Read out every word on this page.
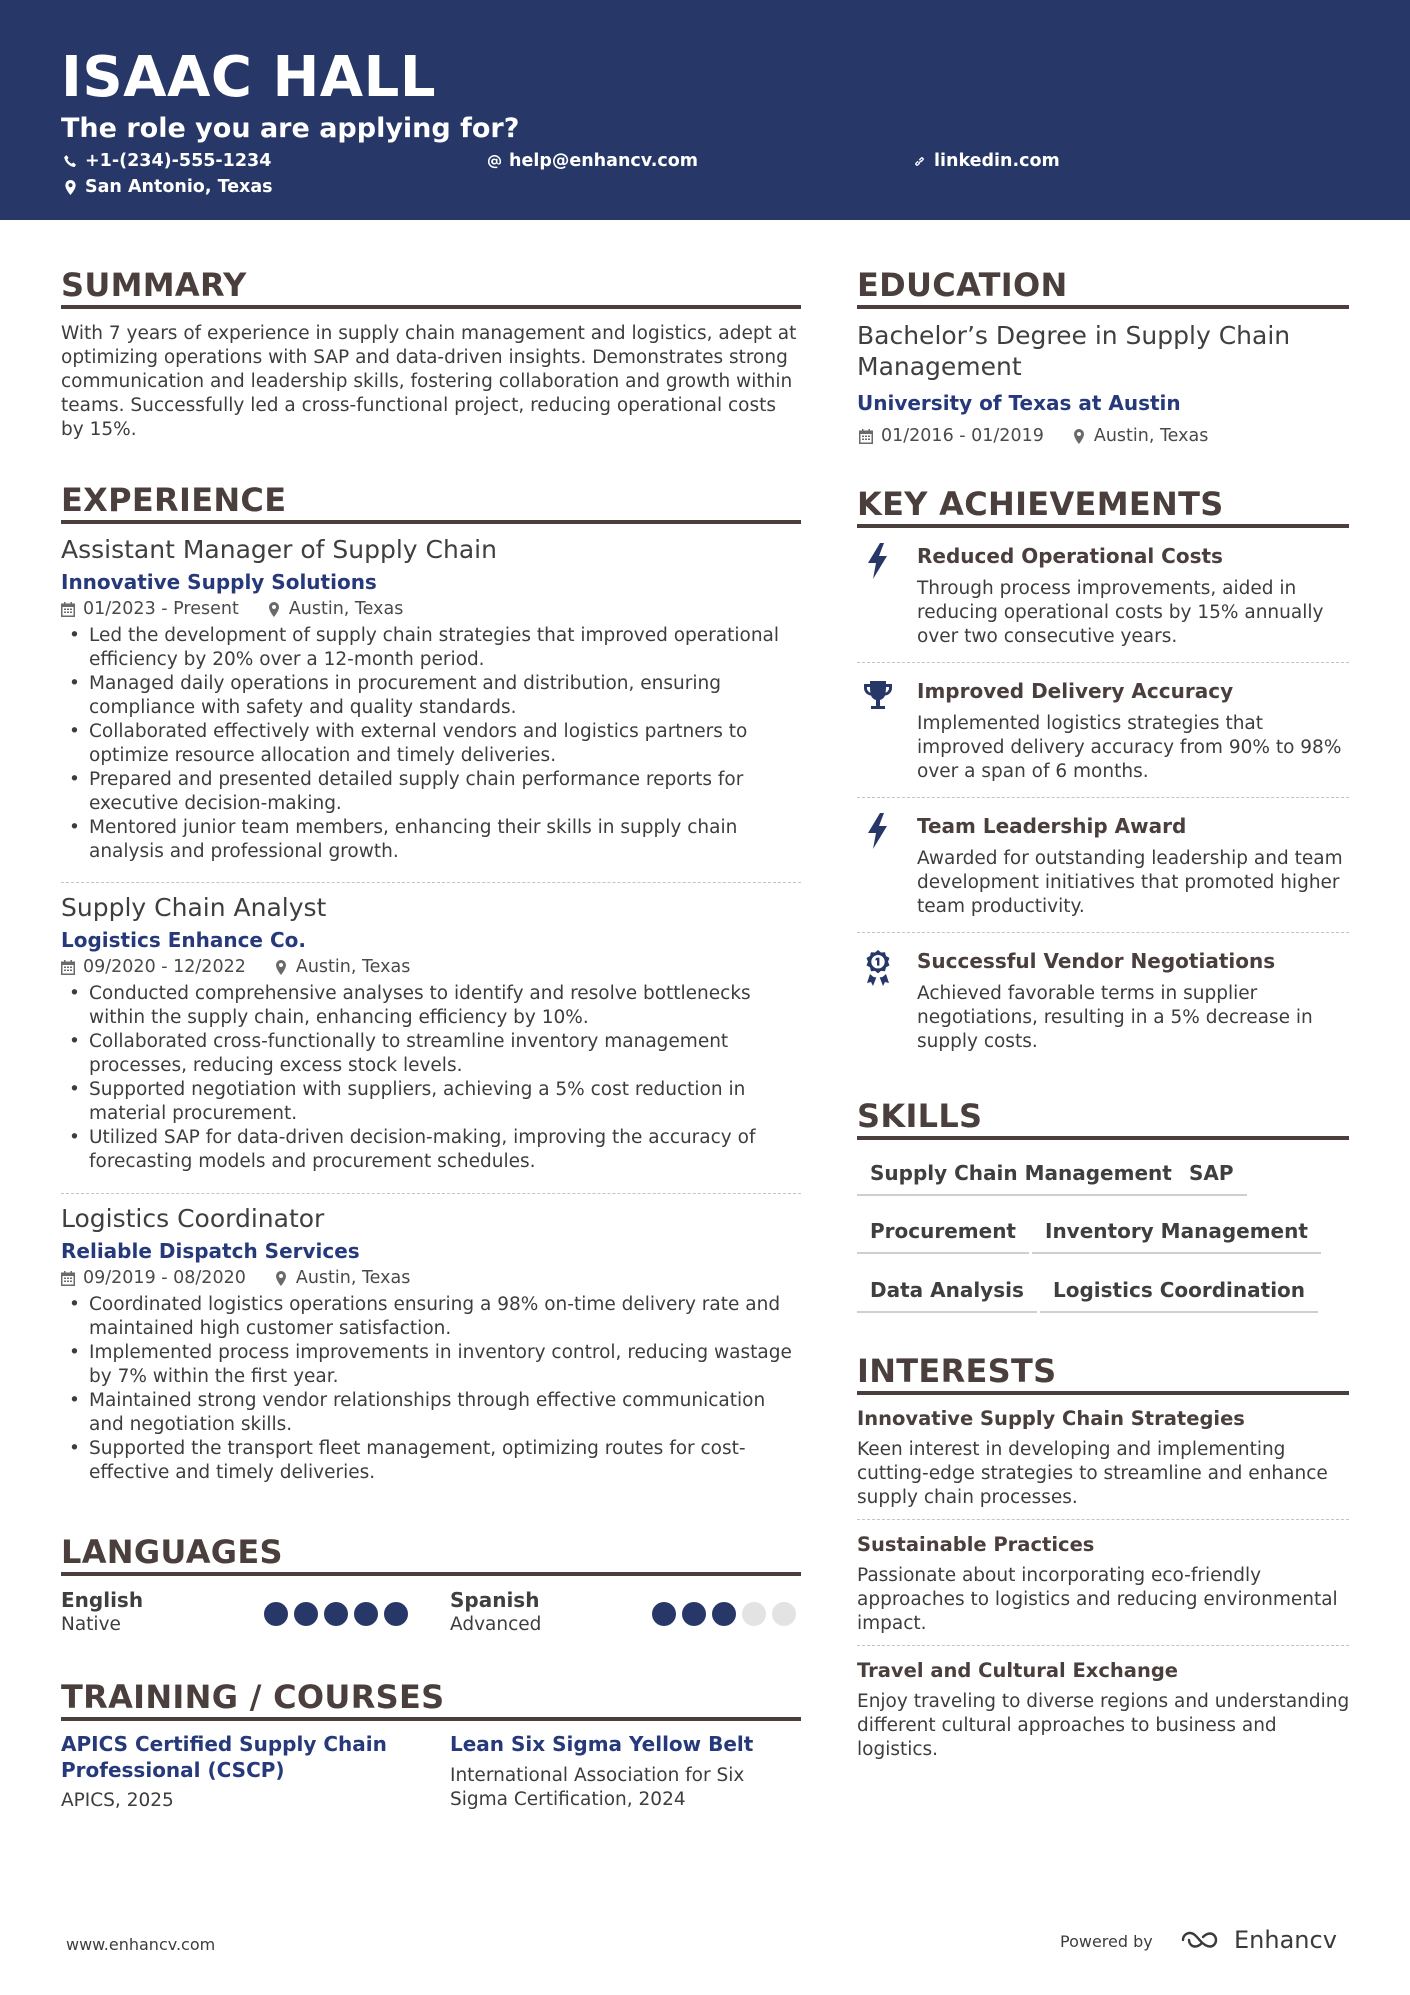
ISAAC HALL
The role you are applying for?
+1-(234)-555-1234	help@enhancv.com	linkedin.com
San Antonio, Texas
SUMMARY
With 7 years of experience in supply chain management and logistics, adept at optimizing operations with SAP and data-driven insights. Demonstrates strong communication and leadership skills, fostering collaboration and growth within teams. Successfully led a cross-functional project, reducing operational costs by 15%.
EXPERIENCE
Assistant Manager of Supply Chain
Innovative Supply Solutions
01/2023 - Present	Austin, Texas
• Led the development of supply chain strategies that improved operational efficiency by 20% over a 12-month period.
• Managed daily operations in procurement and distribution, ensuring compliance with safety and quality standards.
• Collaborated effectively with external vendors and logistics partners to optimize resource allocation and timely deliveries.
• Prepared and presented detailed supply chain performance reports for executive decision-making.
• Mentored junior team members, enhancing their skills in supply chain analysis and professional growth.
Supply Chain Analyst
Logistics Enhance Co.
09/2020 - 12/2022	Austin, Texas
• Conducted comprehensive analyses to identify and resolve bottlenecks within the supply chain, enhancing efficiency by 10%.
• Collaborated cross-functionally to streamline inventory management processes, reducing excess stock levels.
• Supported negotiation with suppliers, achieving a 5% cost reduction in material procurement.
• Utilized SAP for data-driven decision-making, improving the accuracy of forecasting models and procurement schedules.
Logistics Coordinator
Reliable Dispatch Services
09/2019 - 08/2020	Austin, Texas
• Coordinated logistics operations ensuring a 98% on-time delivery rate and maintained high customer satisfaction.
• Implemented process improvements in inventory control, reducing wastage by 7% within the first year.
• Maintained strong vendor relationships through effective communication and negotiation skills.
• Supported the transport fleet management, optimizing routes for cost-effective and timely deliveries.
LANGUAGES
English
Native
Spanish
Advanced
TRAINING / COURSES
APICS Certified Supply Chain Professional (CSCP)
APICS, 2025
Lean Six Sigma Yellow Belt
International Association for Six Sigma Certification, 2024
EDUCATION
Bachelor’s Degree in Supply Chain Management
University of Texas at Austin
01/2016 - 01/2019	Austin, Texas
KEY ACHIEVEMENTS
Reduced Operational Costs
Through process improvements, aided in reducing operational costs by 15% annually over two consecutive years.
Improved Delivery Accuracy
Implemented logistics strategies that improved delivery accuracy from 90% to 98% over a span of 6 months.
Team Leadership Award
Awarded for outstanding leadership and team development initiatives that promoted higher team productivity.
Successful Vendor Negotiations
Achieved favorable terms in supplier negotiations, resulting in a 5% decrease in supply costs.
SKILLS
Supply Chain Management SAP
Procurement	Inventory Management
Data Analysis	Logistics Coordination
INTERESTS
Innovative Supply Chain Strategies
Keen interest in developing and implementing cutting-edge strategies to streamline and enhance supply chain processes.
Sustainable Practices
Passionate about incorporating eco-friendly approaches to logistics and reducing environmental impact.
Travel and Cultural Exchange
Enjoy traveling to diverse regions and understanding different cultural approaches to business and logistics.
www.enhancv.com	Powered by	Enhancv
